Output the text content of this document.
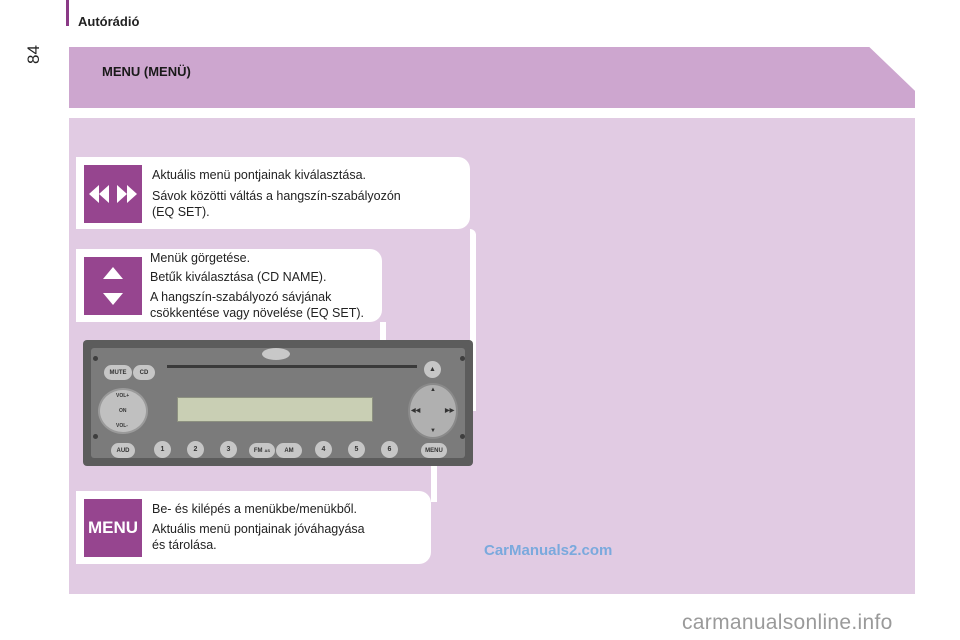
84
Autórádió
MENU (MENÜ)
Aktuális menü pontjainak kiválasztása.
Sávok közötti váltás a hangszín-szabályozón
(EQ SET).
Menük görgetése.
Betűk kiválasztása (CD NAME).
A hangszín-szabályozó sávjának
csökkentése vagy növelése (EQ SET).
MENU
Be- és kilépés a menükbe/menükből.
Aktuális menü pontjainak jóváhagyása
és tárolása.
MUTE	CD	▲
VOL+
ON
VOL-
▲
▼
◀◀	▶▶
AUD	1	2	3	FM AS	AM	4	5	6	MENU
CarManuals2.com
carmanualsonline.info
